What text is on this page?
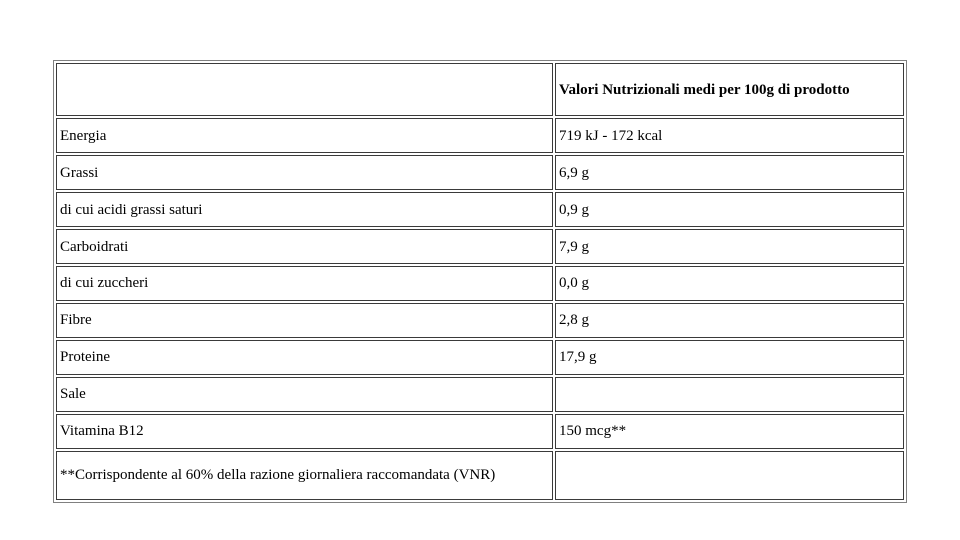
	Valori Nutrizionali medi per 100g di prodotto
Energia	719 kJ - 172 kcal
Grassi	6,9 g
di cui acidi grassi saturi	0,9 g
Carboidrati	7,9 g
di cui zuccheri	0,0 g
Fibre	2,8 g
Proteine	17,9 g
Sale	
Vitamina B12	150 mcg**
**Corrispondente al 60% della razione giornaliera raccomandata (VNR)	
